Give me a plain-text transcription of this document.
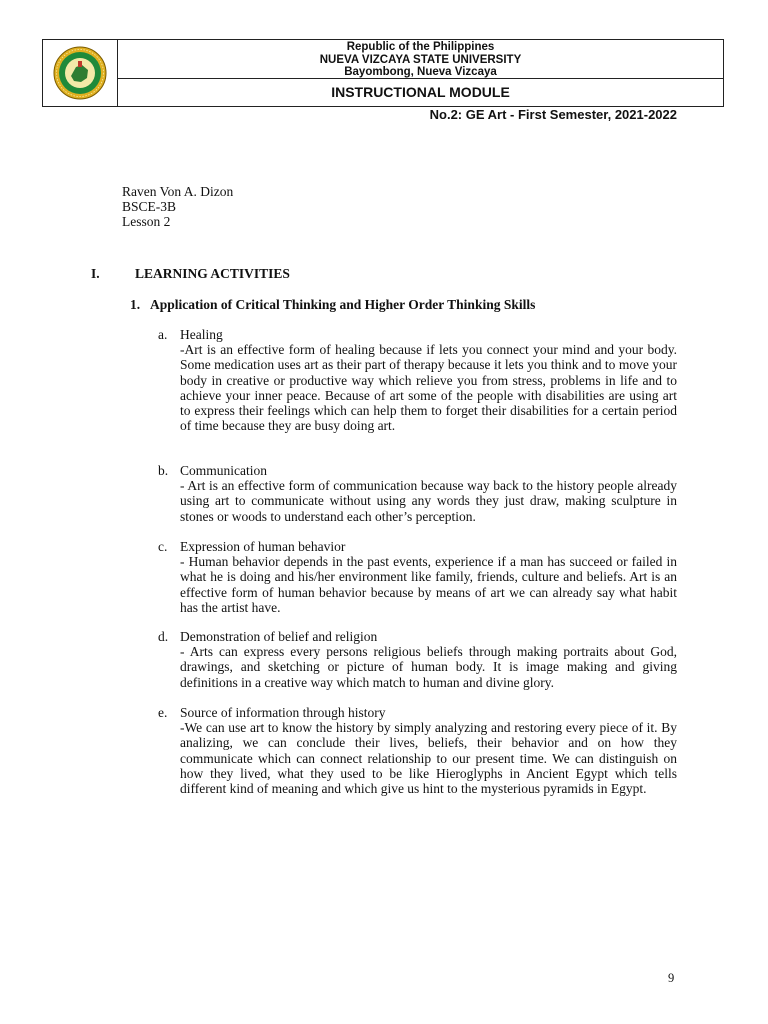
Republic of the Philippines
NUEVA VIZCAYA STATE UNIVERSITY
Bayombong, Nueva Vizcaya
INSTRUCTIONAL MODULE
No.2: GE Art - First Semester, 2021-2022
Raven Von A. Dizon
BSCE-3B
Lesson 2
I.	LEARNING ACTIVITIES
1. Application of Critical Thinking and Higher Order Thinking Skills
a. Healing
-Art is an effective form of healing because if lets you connect your mind and your body. Some medication uses art as their part of therapy because it lets you think and to move your body in creative or productive way which relieve you from stress, problems in life and to achieve your inner peace. Because of art some of the people with disabilities are using art to express their feelings which can help them to forget their disabilities for a certain period of time because they are busy doing art.
b. Communication
- Art is an effective form of communication because way back to the history people already using art to communicate without using any words they just draw, making sculpture in stones or woods to understand each other’s perception.
c. Expression of human behavior
- Human behavior depends in the past events, experience if a man has succeed or failed in what he is doing and his/her environment like family, friends, culture and beliefs. Art is an effective form of human behavior because by means of art we can already say what habit has the artist have.
d. Demonstration of belief and religion
- Arts can express every persons religious beliefs through making portraits about God, drawings, and sketching or picture of human body. It is image making and giving definitions in a creative way which match to human and divine glory.
e. Source of information through history
-We can use art to know the history by simply analyzing and restoring every piece of it. By analizing, we can conclude their lives, beliefs, their behavior and on how they communicate which can connect relationship to our present time. We can distinguish on how they lived, what they used to be like Hieroglyphs in Ancient Egypt which tells different kind of meaning and which give us hint to the mysterious pyramids in Egypt.
9
